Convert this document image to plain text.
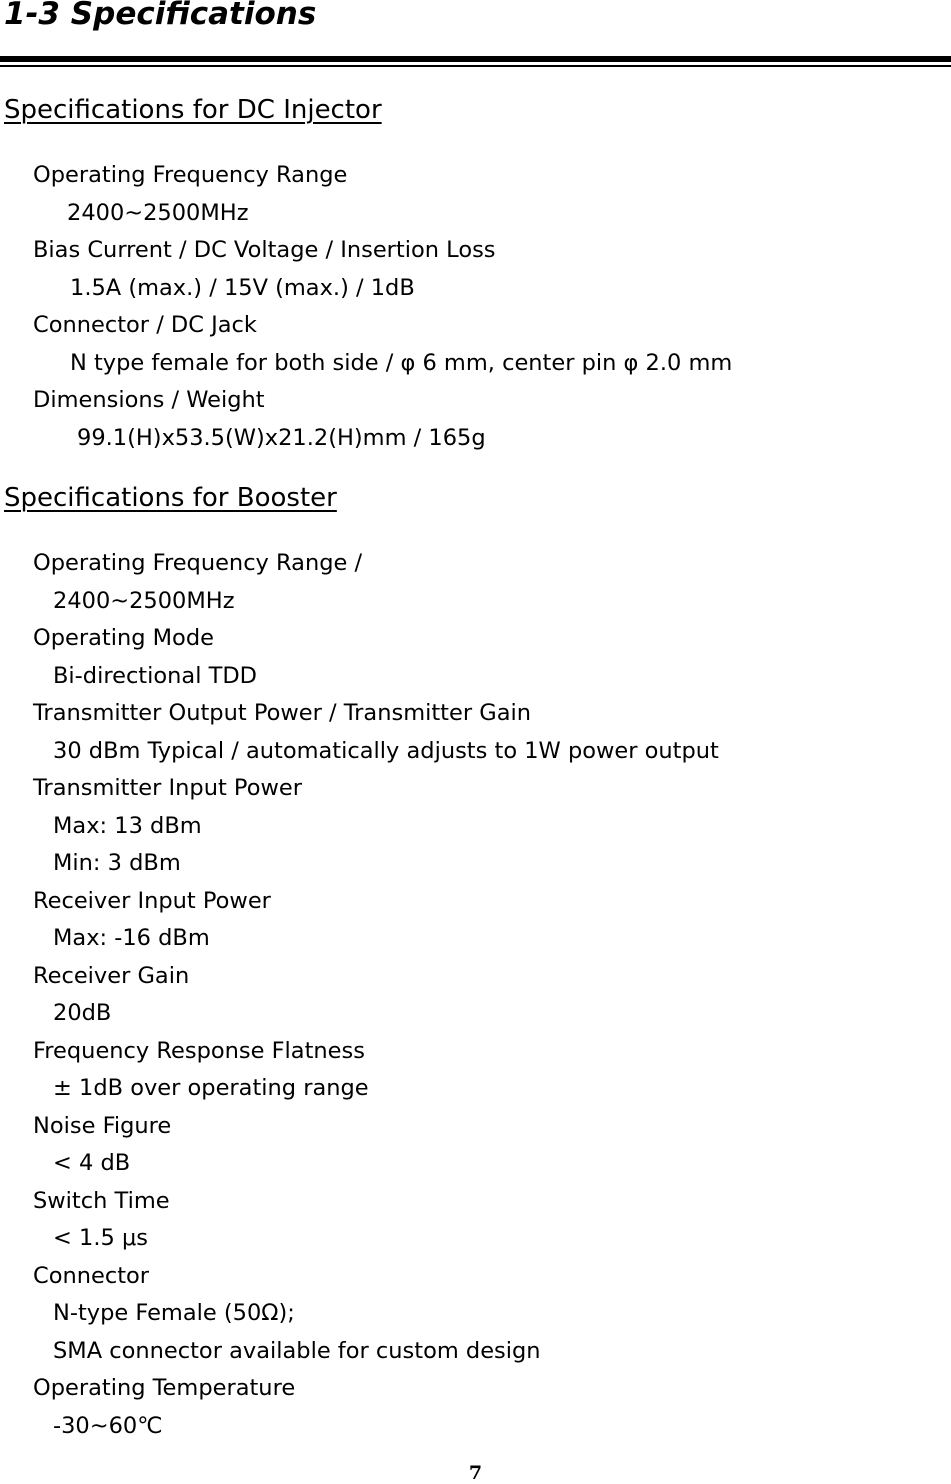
1-3 Specifications
Specifications for DC Injector
Operating Frequency Range
2400~2500MHz
Bias Current / DC Voltage / Insertion Loss
1.5A (max.) / 15V (max.) / 1dB
Connector / DC Jack
N type female for both side / φ 6 mm, center pin φ 2.0 mm
Dimensions / Weight
99.1(H)x53.5(W)x21.2(H)mm / 165g
Specifications for Booster
Operating Frequency Range /
2400~2500MHz
Operating Mode
Bi-directional TDD
Transmitter Output Power / Transmitter Gain
30 dBm Typical / automatically adjusts to 1W power output
Transmitter Input Power
Max: 13 dBm
Min: 3 dBm
Receiver Input Power
Max: -16 dBm
Receiver Gain
20dB
Frequency Response Flatness
± 1dB over operating range
Noise Figure
< 4 dB
Switch Time
< 1.5 μs
Connector
N-type Female (50Ω);
SMA connector available for custom design
Operating Temperature
-30~60℃
7
